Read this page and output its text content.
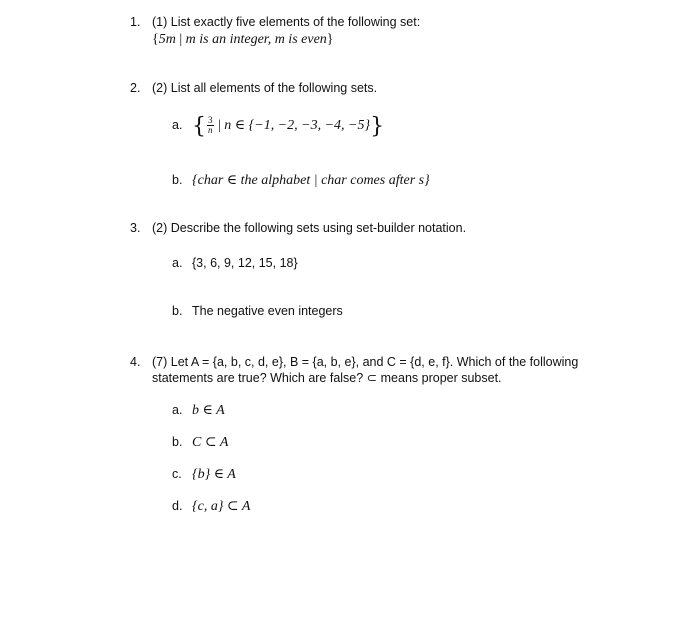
1. (1) List exactly five elements of the following set:
{5m | m is an integer, m is even}
2. (2) List all elements of the following sets.
a. { $\frac{3}{n}$ | n ∈ {−1, −2, −3, −4, −5}}
b. {char ∈ the alphabet | char comes after s}
3. (2) Describe the following sets using set-builder notation.
a. {3, 6, 9, 12, 15, 18}
b. The negative even integers
4. (7) Let A = {a, b, c, d, e}, B = {a, b, e}, and C = {d, e, f}. Which of the following
statements are true? Which are false? ⊂ means proper subset.
a. b ∈ A
b. C ⊂ A
c. {b} ∈ A
d. {c, a} ⊂ A
